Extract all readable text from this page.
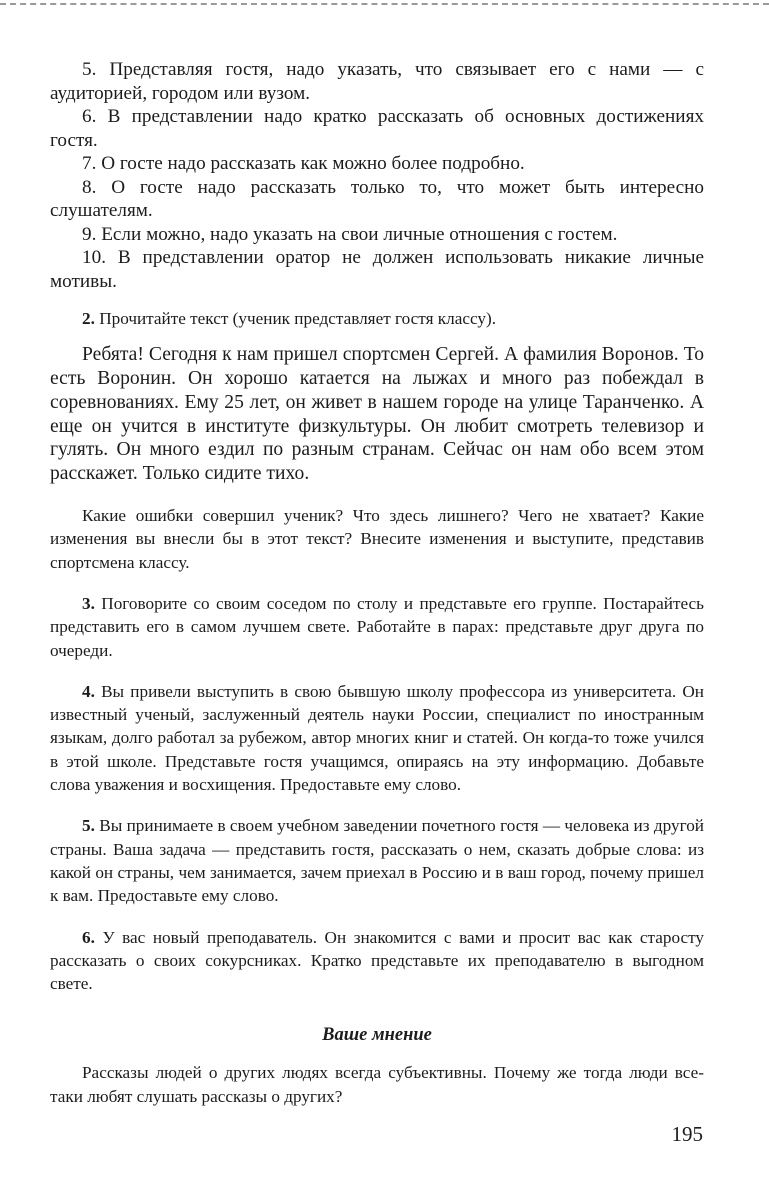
5. Представляя гостя, надо указать, что связывает его с нами — с аудиторией, городом или вузом.

6. В представлении надо кратко рассказать об основных достижениях гостя.

7. О госте надо рассказать как можно более подробно.

8. О госте надо рассказать только то, что может быть интересно слушателям.

9. Если можно, надо указать на свои личные отношения с гостем.

10. В представлении оратор не должен использовать никакие личные мотивы.

2. Прочитайте текст (ученик представляет гостя классу).

Ребята! Сегодня к нам пришел спортсмен Сергей. А фамилия Воронов. То есть Воронин. Он хорошо катается на лыжах и много раз побеждал в соревнованиях. Ему 25 лет, он живет в нашем городе на улице Таранченко. А еще он учится в институте физкультуры. Он любит смотреть телевизор и гулять. Он много ездил по разным странам. Сейчас он нам обо всем этом расскажет. Только сидите тихо.

Какие ошибки совершил ученик? Что здесь лишнего? Чего не хватает? Какие изменения вы внесли бы в этот текст? Внесите изменения и выступите, представив спортсмена классу.

3. Поговорите со своим соседом по столу и представьте его группе. Постарайтесь представить его в самом лучшем свете. Работайте в парах: представьте друг друга по очереди.

4. Вы привели выступить в свою бывшую школу профессора из университета. Он известный ученый, заслуженный деятель науки России, специалист по иностранным языкам, долго работал за рубежом, автор многих книг и статей. Он когда-то тоже учился в этой школе. Представьте гостя учащимся, опираясь на эту информацию. Добавьте слова уважения и восхищения. Предоставьте ему слово.

5. Вы принимаете в своем учебном заведении почетного гостя — человека из другой страны. Ваша задача — представить гостя, рассказать о нем, сказать добрые слова: из какой он страны, чем занимается, зачем приехал в Россию и в ваш город, почему пришел к вам. Предоставьте ему слово.

6. У вас новый преподаватель. Он знакомится с вами и просит вас как старосту рассказать о своих сокурсниках. Кратко представьте их преподавателю в выгодном свете.

Ваше мнение

Рассказы людей о других людях всегда субъективны. Почему же тогда люди все-таки любят слушать рассказы о других?

195
